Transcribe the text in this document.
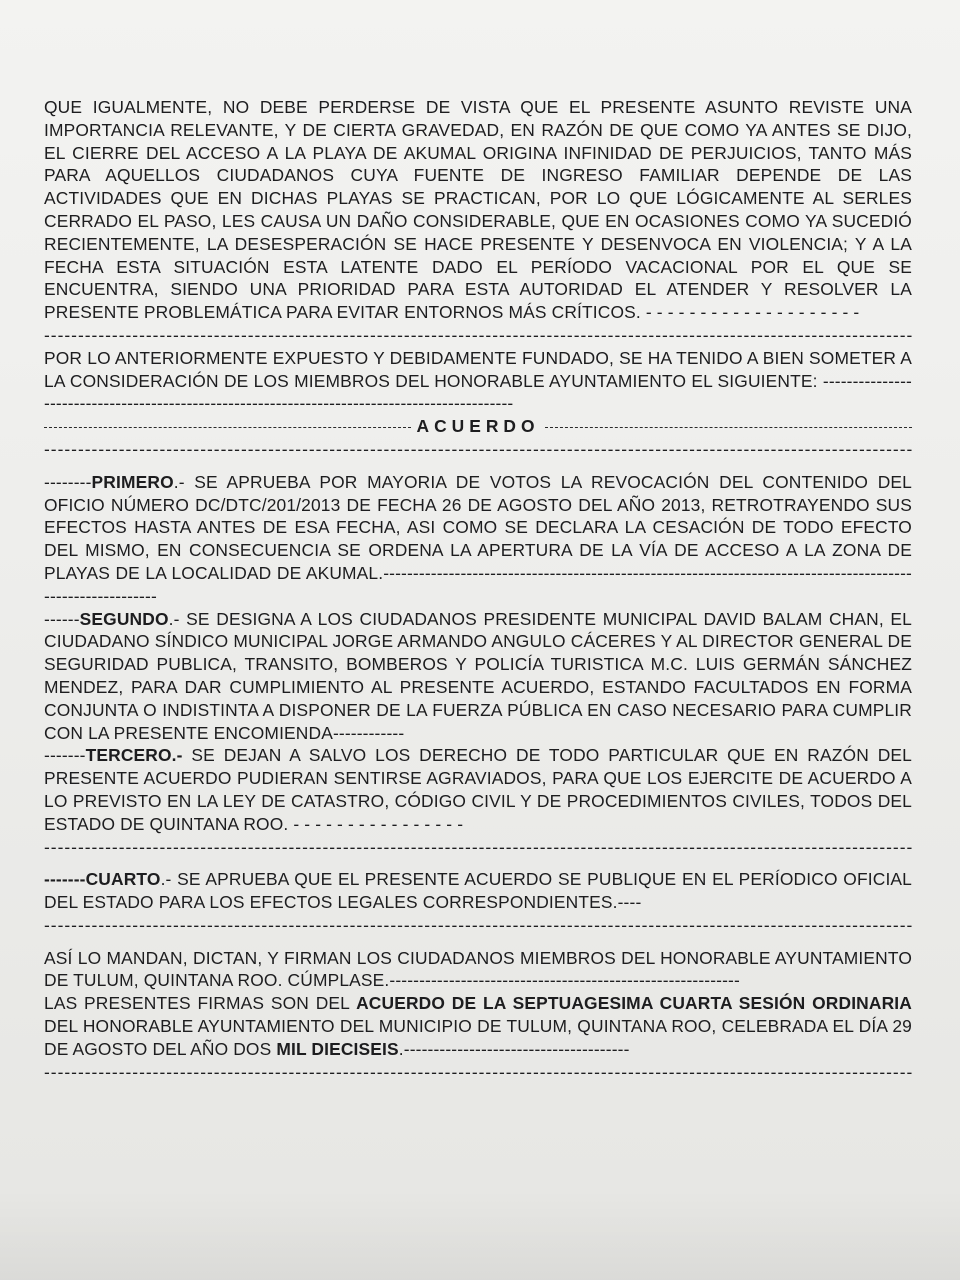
QUE IGUALMENTE, NO DEBE PERDERSE DE VISTA QUE EL PRESENTE ASUNTO REVISTE UNA IMPORTANCIA RELEVANTE, Y DE CIERTA GRAVEDAD, EN RAZÓN DE QUE COMO YA ANTES SE DIJO, EL CIERRE DEL ACCESO A LA PLAYA DE AKUMAL ORIGINA INFINIDAD DE PERJUICIOS, TANTO MÁS PARA AQUELLOS CIUDADANOS CUYA FUENTE DE INGRESO FAMILIAR DEPENDE DE LAS ACTIVIDADES QUE EN DICHAS PLAYAS SE PRACTICAN, POR LO QUE LÓGICAMENTE AL SERLES CERRADO EL PASO, LES CAUSA UN DAÑO CONSIDERABLE, QUE EN OCASIONES COMO YA SUCEDIÓ RECIENTEMENTE, LA DESESPERACIÓN SE HACE PRESENTE Y DESENVOCA EN VIOLENCIA; Y A LA FECHA ESTA SITUACIÓN ESTA LATENTE DADO EL PERÍODO VACACIONAL POR EL QUE SE ENCUENTRA, SIENDO UNA PRIORIDAD PARA ESTA AUTORIDAD EL ATENDER Y RESOLVER LA PRESENTE PROBLEMÁTICA PARA EVITAR ENTORNOS MÁS CRÍTICOS. - - - - - - - - - - - - - - - - - - - -

-----

POR LO ANTERIORMENTE EXPUESTO Y DEBIDAMENTE FUNDADO, SE HA TENIDO A BIEN SOMETER A LA CONSIDERACIÓN DE LOS MIEMBROS DEL HONORABLE AYUNTAMIENTO EL SIGUIENTE: ----------------------------------------------------------------------------------------------

ACUERDO
-----

--------PRIMERO.- SE APRUEBA POR MAYORIA DE VOTOS LA REVOCACIÓN DEL CONTENIDO DEL OFICIO NÚMERO DC/DTC/201/2013 DE FECHA 26 DE AGOSTO DEL AÑO 2013, RETROTRAYENDO SUS EFECTOS HASTA ANTES DE ESA FECHA, ASI COMO SE DECLARA LA CESACIÓN DE TODO EFECTO DEL MISMO, EN CONSECUENCIA SE ORDENA LA APERTURA DE LA VÍA DE ACCESO A LA ZONA DE PLAYAS DE LA LOCALIDAD DE AKUMAL.------------------------------------------------------------------------------------------------------------

------SEGUNDO.- SE DESIGNA A LOS CIUDADANOS PRESIDENTE MUNICIPAL DAVID BALAM CHAN, EL CIUDADANO SÍNDICO MUNICIPAL JORGE ARMANDO ANGULO CÁCERES Y AL DIRECTOR GENERAL DE SEGURIDAD PUBLICA, TRANSITO, BOMBEROS Y POLICÍA TURISTICA M.C. LUIS GERMÁN SÁNCHEZ MENDEZ, PARA DAR CUMPLIMIENTO AL PRESENTE ACUERDO, ESTANDO FACULTADOS EN FORMA CONJUNTA O INDISTINTA A DISPONER DE LA FUERZA PÚBLICA EN CASO NECESARIO PARA CUMPLIR CON LA PRESENTE ENCOMIENDA------------

-------TERCERO.- SE DEJAN A SALVO LOS DERECHO DE TODO PARTICULAR QUE EN RAZÓN DEL PRESENTE ACUERDO PUDIERAN SENTIRSE AGRAVIADOS, PARA QUE LOS EJERCITE DE ACUERDO A LO PREVISTO EN LA LEY DE CATASTRO, CÓDIGO CIVIL Y DE PROCEDIMIENTOS CIVILES, TODOS DEL ESTADO DE QUINTANA ROO. - - - - - - - - - - - - - - - -

-----

-------CUARTO.- SE APRUEBA QUE EL PRESENTE ACUERDO SE PUBLIQUE EN EL PERÍODICO OFICIAL DEL ESTADO PARA LOS EFECTOS LEGALES CORRESPONDIENTES.----

-----

ASÍ LO MANDAN, DICTAN, Y FIRMAN LOS CIUDADANOS MIEMBROS DEL HONORABLE AYUNTAMIENTO DE TULUM, QUINTANA ROO. CÚMPLASE.-----------------------------------------------------------

LAS PRESENTES FIRMAS SON DEL ACUERDO DE LA SEPTUAGESIMA CUARTA SESIÓN ORDINARIA DEL HONORABLE AYUNTAMIENTO DEL MUNICIPIO DE TULUM, QUINTANA ROO, CELEBRADA EL DÍA 29 DE AGOSTO DEL AÑO DOS MIL DIECISEIS.--------------------------------------

-----
